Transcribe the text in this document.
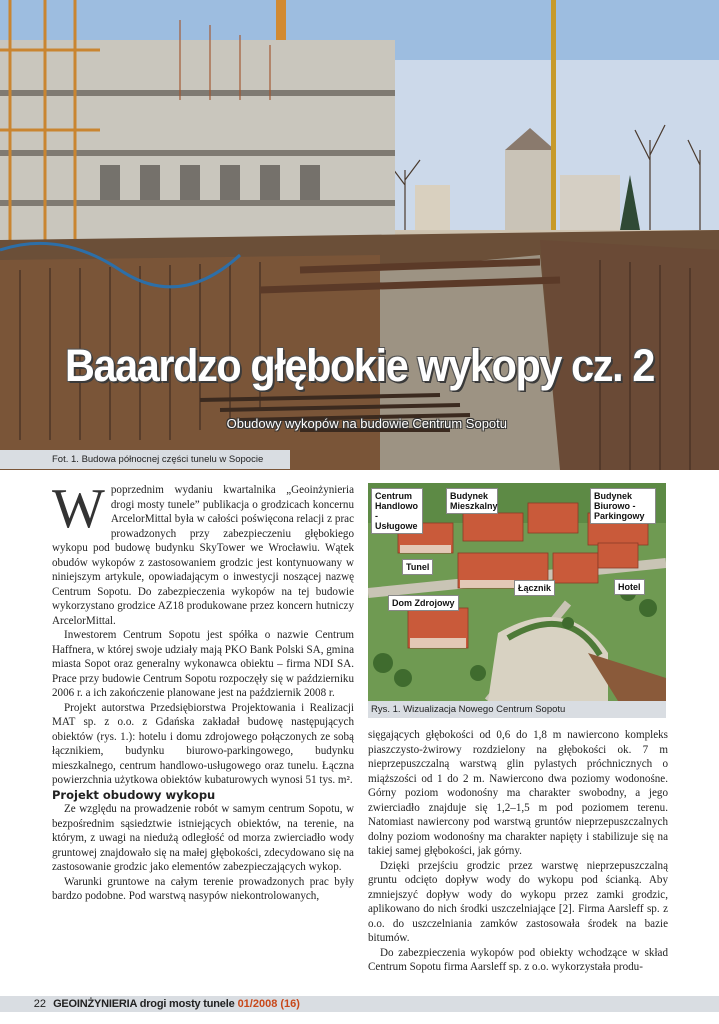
Baaardzo głębokie wykopy cz. 2
Obudowy wykopów na budowie Centrum Sopotu
Fot. 1. Budowa północnej części tunelu w Sopocie
W poprzednim wydaniu kwartalnika „Geoinżynieria drogi mosty tunele” publikacja o grodzicach koncernu ArcelorMittal była w całości poświęcona relacji z prac prowadzonych przy zabezpieczeniu głębokiego wykopu pod budowę budynku SkyTower we Wrocławiu. Wątek obudów wykopów z zastosowaniem grodzic jest kontynuowany w niniejszym artykule, opowiadającym o inwestycji noszącej nazwę Centrum Sopotu. Do zabezpieczenia wykopów na tej budowie wykorzystano grodzice AZ18 produkowane przez koncern hutniczy ArcelorMittal.

Inwestorem Centrum Sopotu jest spółka o nazwie Centrum Haffnera, w której swoje udziały mają PKO Bank Polski SA, gmina miasta Sopot oraz generalny wykonawca obiektu – firma NDI SA. Prace przy budowie Centrum Sopotu rozpoczęły się w październiku 2006 r. a ich zakończenie planowane jest na październik 2008 r.

Projekt autorstwa Przedsiębiorstwa Projektowania i Realizacji MAT sp. z o.o. z Gdańska zakładał budowę następujących obiektów (rys. 1.): hotelu i domu zdrojowego połączonych ze sobą łącznikiem, budynku biurowo-parkingowego, budynku mieszkalnego, centrum handlowo-usługowego oraz tunelu. Łączna powierzchnia użytkowa obiektów kubaturowych wynosi 51 tys. m².

Projekt obudowy wykopu

Ze względu na prowadzenie robót w samym centrum Sopotu, w bezpośrednim sąsiedztwie istniejących obiektów, na terenie, na którym, z uwagi na niedużą odległość od morza zwierciadło wody gruntowej znajdowało się na małej głębokości, zdecydowano się na zastosowanie grodzic jako elementów zabezpieczających wykop.

Warunki gruntowe na całym terenie prowadzonych prac były bardzo podobne. Pod warstwą nasypów niekontrolowanych,

Centrum Handlowo - Usługowe
Budynek Mieszkalny
Budynek Biurowo - Parkingowy
Tunel
Hotel
Dom Zdrojowy
Łącznik
Rys. 1. Wizualizacja Nowego Centrum Sopotu

sięgających głębokości od 0,6 do 1,8 m nawiercono kompleks piaszczysto-żwirowy rozdzielony na głębokości ok. 7 m nieprzepuszczalną warstwą glin pylastych próchnicznych o miąższości od 1 do 2 m. Nawiercono dwa poziomy wodonośne. Górny poziom wodonośny ma charakter swobodny, a jego zwierciadło znajduje się 1,2–1,5 m pod poziomem terenu. Natomiast nawiercony pod warstwą gruntów nieprzepuszczalnych dolny poziom wodonośny ma charakter napięty i stabilizuje się na takiej samej głębokości, jak górny.

Dzięki przejściu grodzic przez warstwę nieprzepuszczalną gruntu odcięto dopływ wody do wykopu pod ścianką. Aby zmniejszyć dopływ wody do wykopu przez zamki grodzic, aplikowano do nich środki uszczelniające [2]. Firma Aarsleff sp. z o.o. do uszczelniania zamków zastosowała środek na bazie bitumów.

Do zabezpieczenia wykopów pod obiekty wchodzące w skład Centrum Sopotu firma Aarsleff sp. z o.o. wykorzystała produ-

22 GEOINŻYNIERIA drogi mosty tunele 01/2008 (16)
